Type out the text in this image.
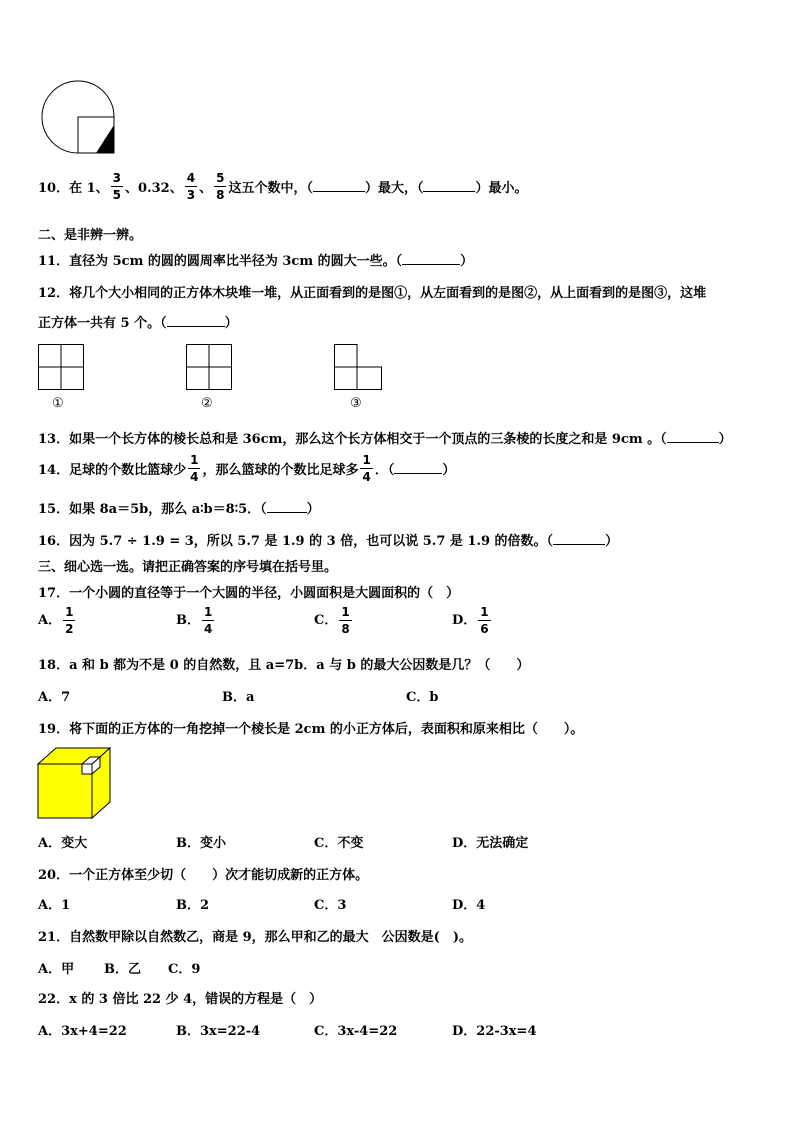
10．在 1、 $\frac{3}{5}$ 、0.32、 $\frac{4}{3}$ 、 $\frac{5}{8}$ 这五个数中，（	）最大，（	）最小。
二、是非辨一辨。
11．直径为 5cm 的圆的圆周率比半径为 3cm 的圆大一些。（	）
12．将几个大小相同的正方体木块堆一堆，从正面看到的是图①，从左面看到的是图②，从上面看到的是图③，这堆
正方体一共有 5 个。（	）
①	②	③
13．如果一个长方体的棱长总和是 36cm，那么这个长方体相交于一个顶点的三条棱的长度之和是 9cm 。（	）
14．足球的个数比篮球少 $\frac{1}{4}$ ，那么篮球的个数比足球多 $\frac{1}{4}$ ．（	）
15．如果 8a＝5b，那么 a∶b＝8∶5．（	）
16．因为 5.7 ÷ 1.9 = 3，所以 5.7 是 1.9 的 3 倍，也可以说 5.7 是 1.9 的倍数。（	）
三、细心选一选。请把正确答案的序号填在括号里。
17．一个小圆的直径等于一个大圆的半径，小圆面积是大圆面积的（　）
A． $\frac{1}{2}$	B． $\frac{1}{4}$	C． $\frac{1}{8}$	D． $\frac{1}{6}$
18．a 和 b 都为不是 0 的自然数，且 a=7b．a 与 b 的最大公因数是几？（　　）
A．7	B．a	C．b
19．将下面的正方体的一角挖掉一个棱长是 2cm 的小正方体后，表面积和原来相比（　　）。
A．变大	B．变小	C．不变	D．无法确定
20．一个正方体至少切（　　）次才能切成新的正方体。
A．1	B．2	C．3	D．4
21．自然数甲除以自然数乙，商是 9，那么甲和乙的最大　公因数是(　)。
A．甲 B．乙 C．9
22．x 的 3 倍比 22 少 4，错误的方程是（　）
A．3x+4=22	B．3x=22-4	C．3x-4=22	D．22-3x=4
